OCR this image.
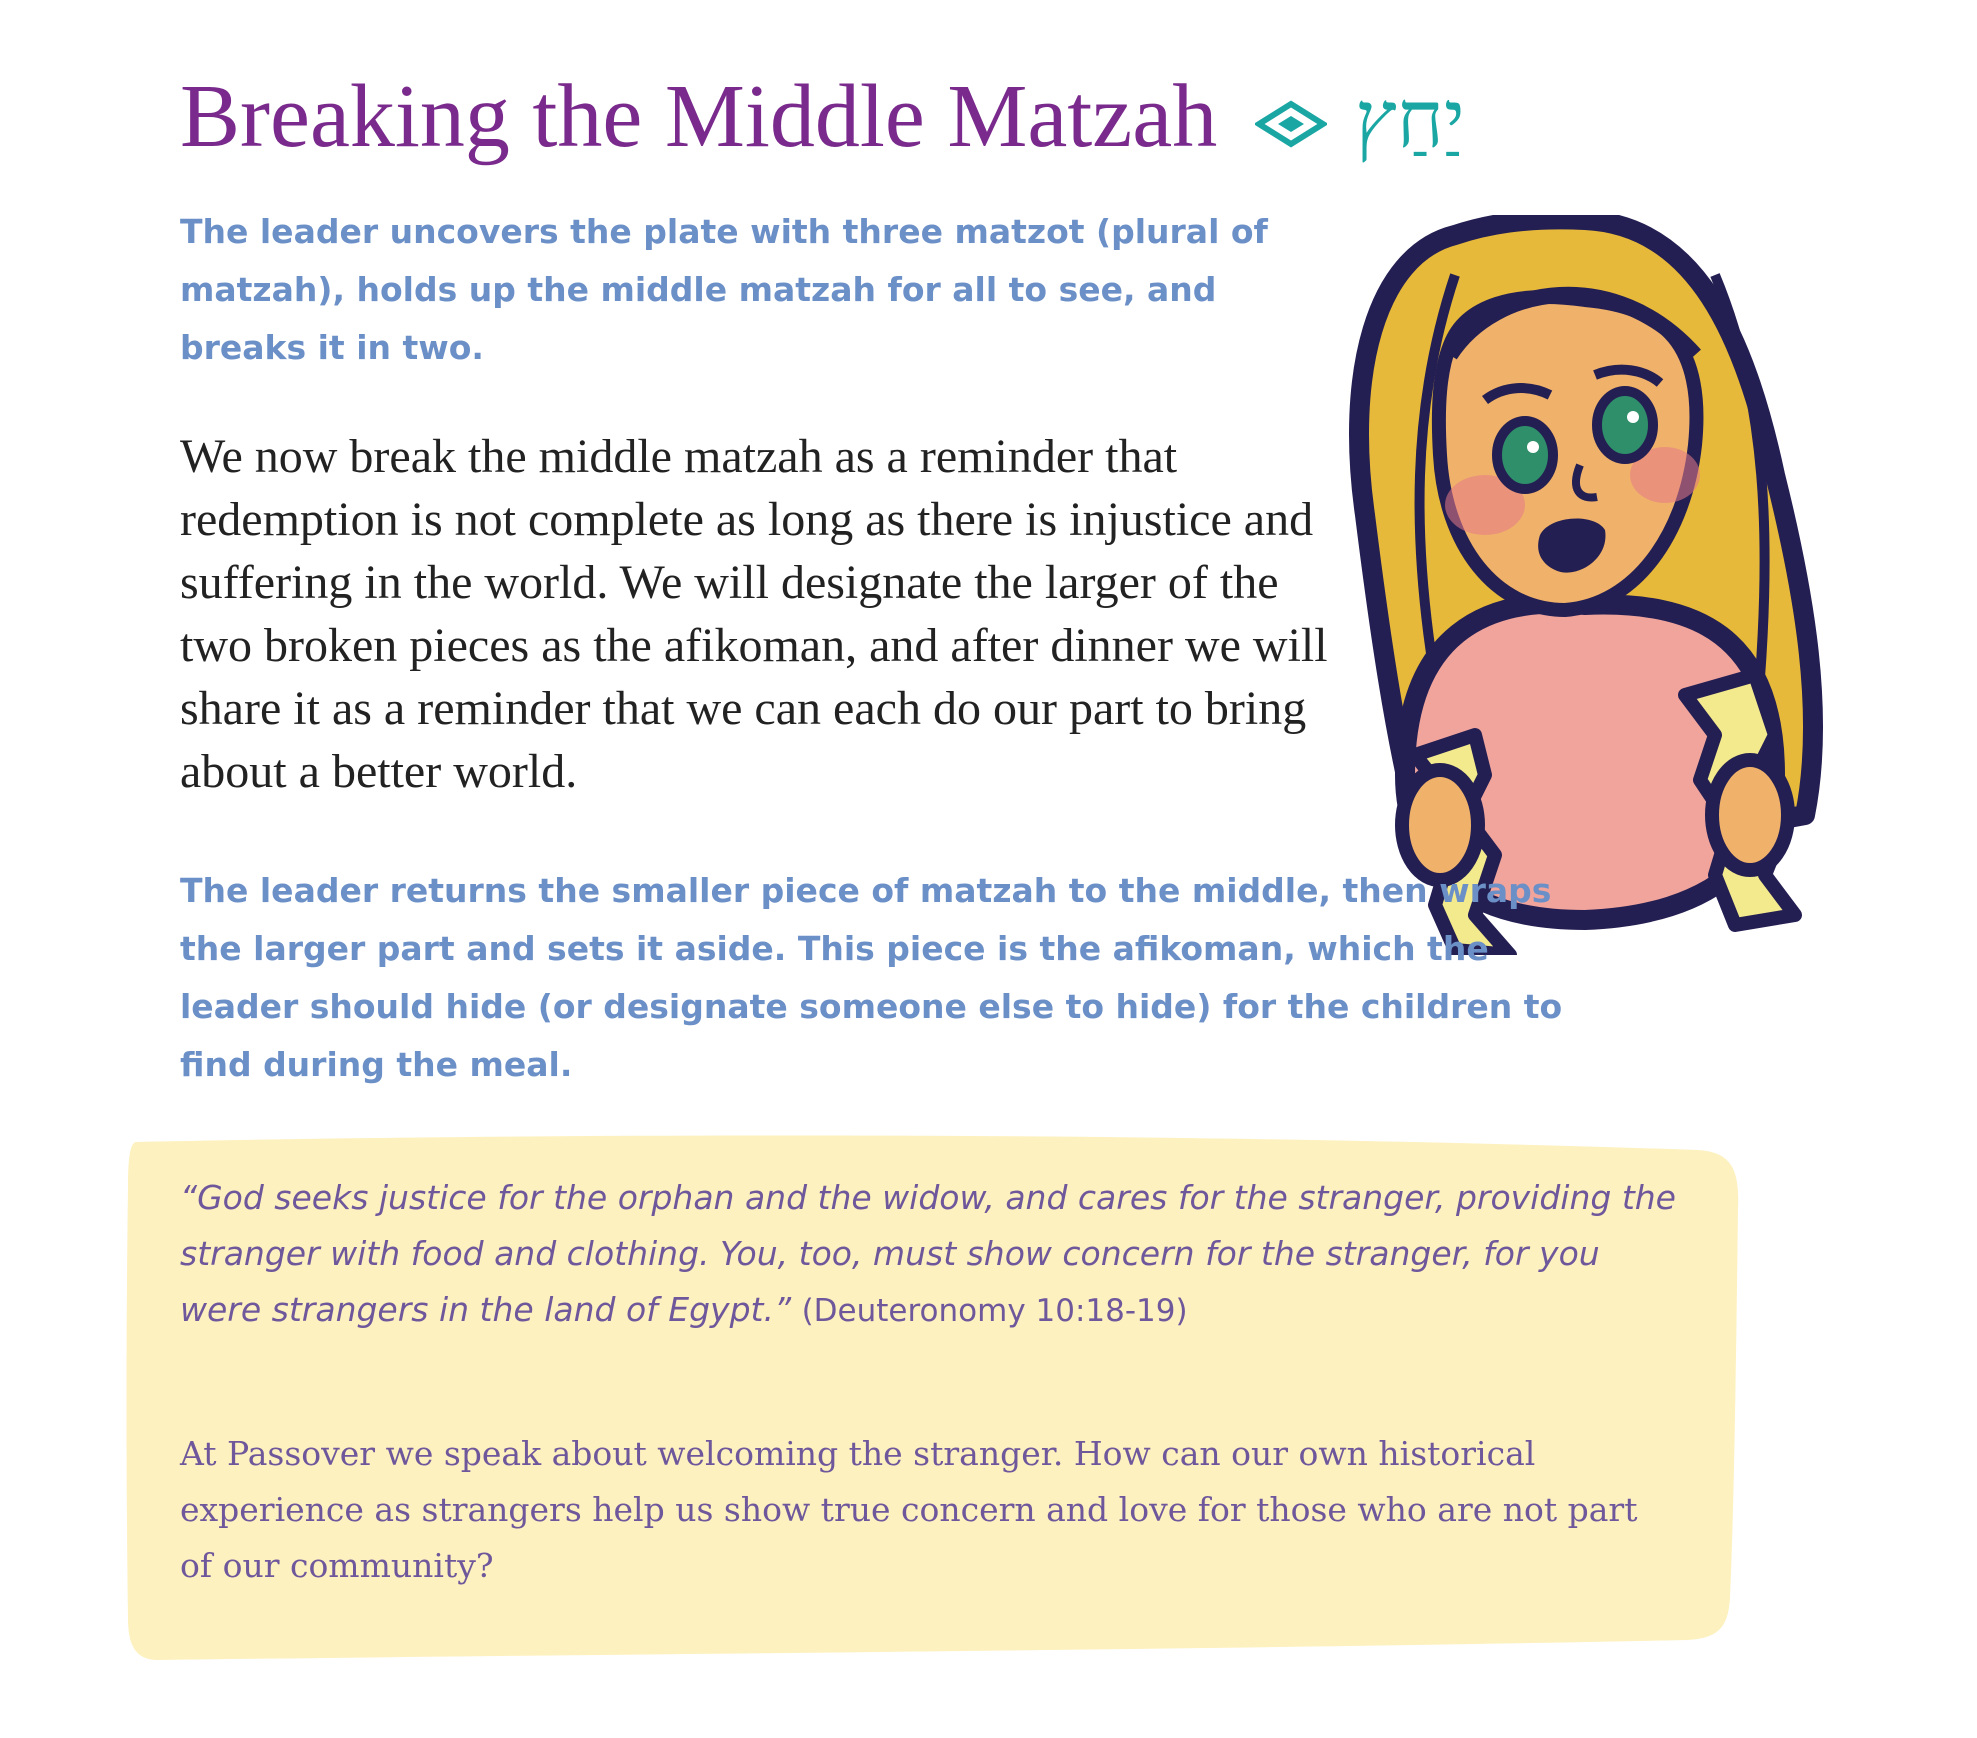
Breaking the Middle Matzah יַחַץ

The leader uncovers the plate with three matzot (plural of matzah), holds up the middle matzah for all to see, and breaks it in two.

We now break the middle matzah as a reminder that redemption is not complete as long as there is injustice and suffering in the world. We will designate the larger of the two broken pieces as the afikoman, and after dinner we will share it as a reminder that we can each do our part to bring about a better world.

The leader returns the smaller piece of matzah to the middle, then wraps the larger part and sets it aside. This piece is the afikoman, which the leader should hide (or designate someone else to hide) for the children to find during the meal.

“God seeks justice for the orphan and the widow, and cares for the stranger, providing the stranger with food and clothing. You, too, must show concern for the stranger, for you were strangers in the land of Egypt.” (Deuteronomy 10:18-19)

At Passover we speak about welcoming the stranger. How can our own historical experience as strangers help us show true concern and love for those who are not part of our community?
